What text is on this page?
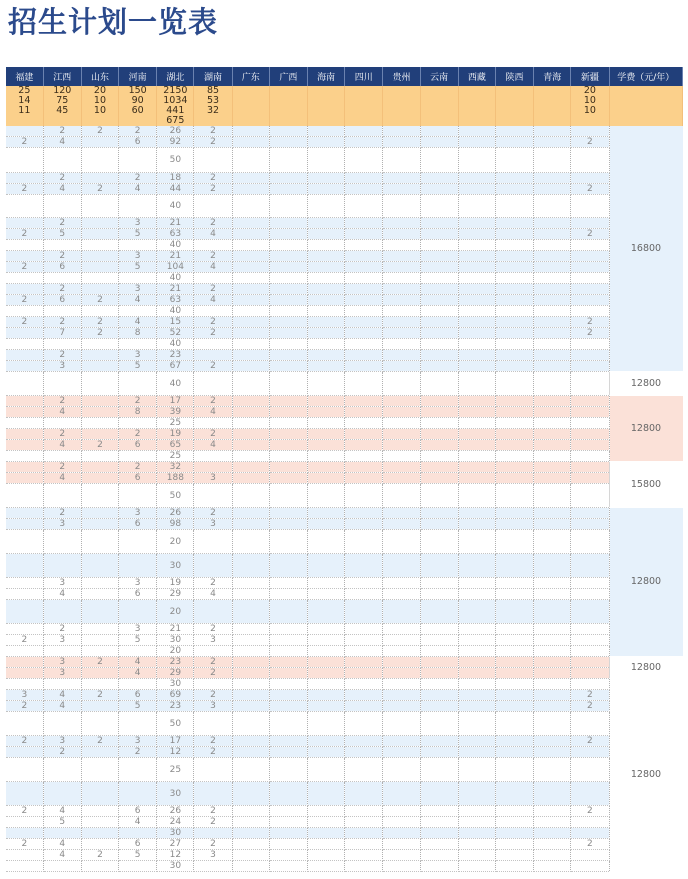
招生计划一览表
福建	江西	山东	河南	湖北	湖南	广东	广西	海南	四川	贵州	云南	西藏	陕西	青海	新疆	学费（元/年）
25	120	20	150	2150	85										20	
14	75	10	90	1034	53										10	
11	45	10	60	441	32										10	
				675												
	2	2	2	26	2											16800
2	4		6	92	2										2	
				50												
	2		2	18	2											
2	4	2	4	44	2										2	
				40												
	2		3	21	2											
2	5		5	63	4										2	
				40												
	2		3	21	2											
2	6		5	104	4											
				40												
	2		3	21	2											
2	6	2	4	63	4											
				40												
2	2	2	4	15	2										2	
	7	2	8	52	2										2	
				40												
	2		3	23												
	3		5	67	2											
				40												12800
	2		2	17	2											12800
	4		8	39	4											
				25												
	2		2	19	2											
	4	2	6	65	4											
				25												
	2		2	32												15800
	4		6	188	3											
				50												
	2		3	26	2											12800
	3		6	98	3											
				20												
				30												
	3		3	19	2											
	4		6	29	4											
				20												
	2		3	21	2											
2	3		5	30	3											
				20												
	3	2	4	23	2											12800
	3		4	29	2											
				30												12800
3	4	2	6	69	2										2	
2	4		5	23	3										2	
				50												
2	3	2	3	17	2										2	
	2		2	12	2											
				25												
				30												
2	4		6	26	2										2	
	5		4	24	2											
				30												
2	4		6	27	2										2	
	4	2	5	12	3											
				30												
